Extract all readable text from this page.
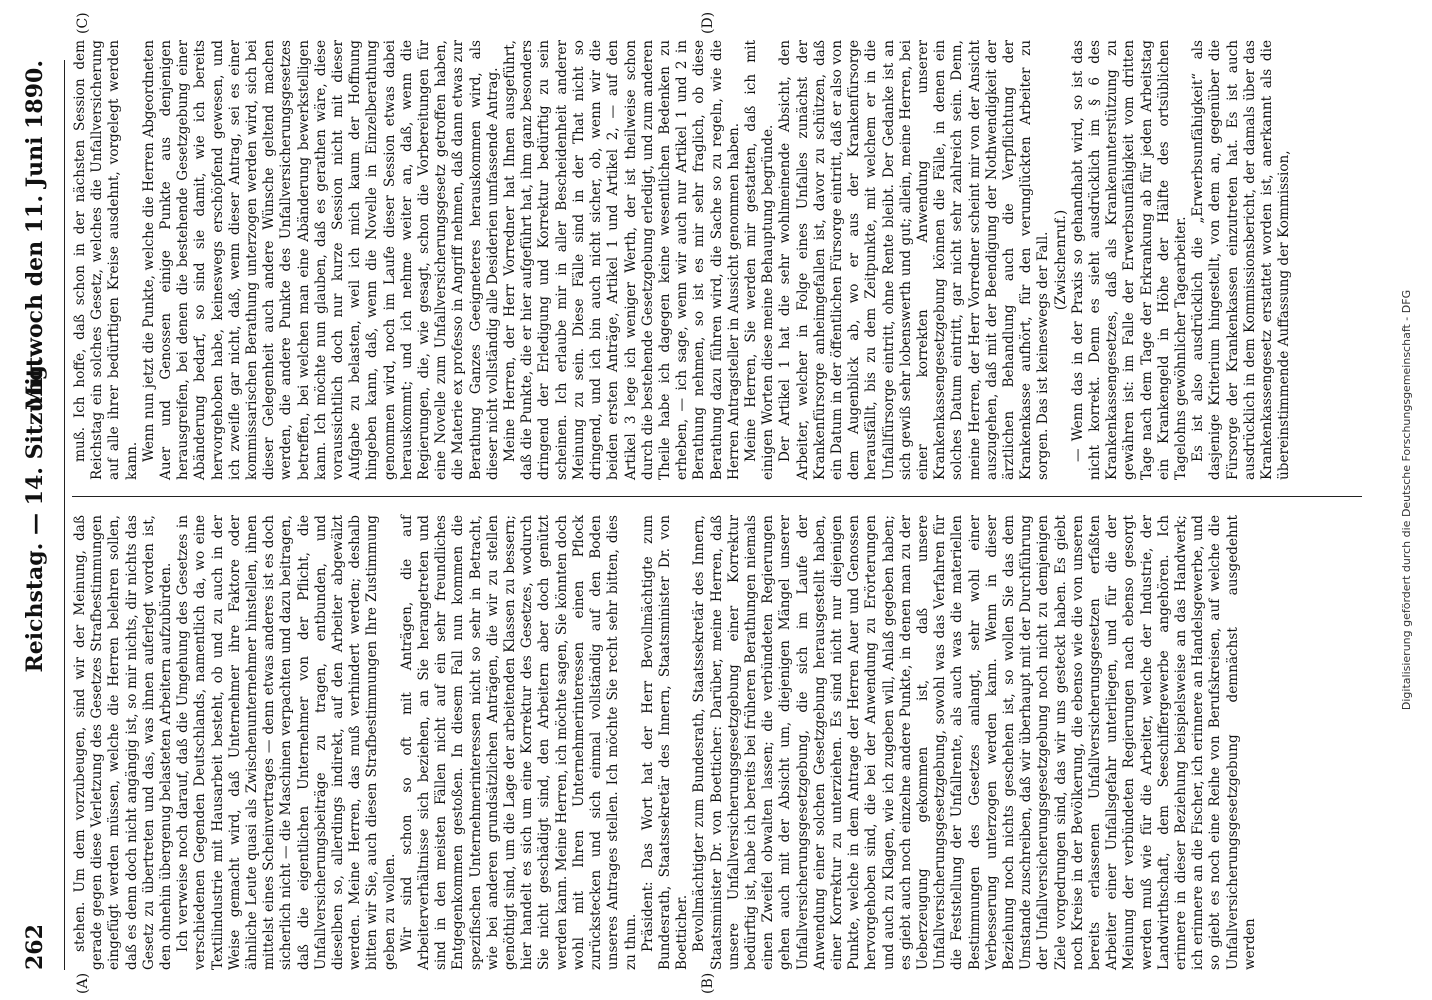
262
Reichstag. — 14. Sitzung.
Mittwoch den 11. Juni 1890.
(A)	(B)
(C)	(D)

stehen. Um dem vorzubeugen, sind wir der Meinung, daß gerade gegen diese Verletzung des Gesetzes Strafbestimmungen eingefügt werden müssen, welche die Herren belehren sollen, daß es denn doch nicht angängig ist, so mir nichts, dir nichts das Gesetz zu übertreten und das, was ihnen auferlegt worden ist, den ohnehin übergenug belasteten Arbeitern aufzubürden. Ich verweise noch darauf, daß die Umgehung des Gesetzes in verschiedenen Gegenden Deutschlands, namentlich da, wo eine Textilindustrie mit Hausarbeit besteht, ob und zu auch in der Weise gemacht wird, daß Unternehmer ihre Faktore oder ähnliche Leute quasi als Zwischenunternehmer hinstellen, ihnen mittelst eines Scheinvertrages — denn etwas anderes ist es doch sicherlich nicht — die Maschinen verpachten und dazu beitragen, daß die eigentlichen Unternehmer von der Pflicht, die Unfallversicherungsbeiträge zu tragen, entbunden, und dieselben so, allerdings indirekt, auf den Arbeiter abgewälzt werden. Meine Herren, das muß verhindert werden; deshalb bitten wir Sie, auch diesen Strafbestimmungen Ihre Zustimmung geben zu wollen. Wir sind schon so oft mit Anträgen, die auf Arbeiterverhältnisse sich beziehen, an Sie herangetreten und sind in den meisten Fällen nicht auf ein sehr freundliches Entgegenkommen gestoßen. In diesem Fall nun kommen die spezifischen Unternehmerinteressen nicht so sehr in Betracht, wie bei anderen grundsätzlichen Anträgen, die wir zu stellen genöthigt sind, um die Lage der arbeitenden Klassen zu bessern; hier handelt es sich um eine Korrektur des Gesetzes, wodurch Sie nicht geschädigt sind, den Arbeitern aber doch genützt werden kann. Meine Herren, ich möchte sagen, Sie könnten doch wohl mit Ihren Unternehmerinteressen einen Pflock zurückstecken und sich einmal vollständig auf den Boden unseres Antrages stellen. Ich möchte Sie recht sehr bitten, dies zu thun. Präsident: Das Wort hat der Herr Bevollmächtigte zum Bundesrath, Staatssekretär des Innern, Staatsminister Dr. von Boetticher. Bevollmächtigter zum Bundesrath, Staatssekretär des Innern, Staatsminister Dr. von Boetticher: Darüber, meine Herren, daß unsere Unfallversicherungsgesetzgebung einer Korrektur bedürftig ist, habe ich bereits bei früheren Berathungen niemals einen Zweifel obwalten lassen; die verbündeten Regierungen gehen auch mit der Absicht um, diejenigen Mängel unserer Unfallversicherungsgesetzgebung, die sich im Laufe der Anwendung einer solchen Gesetzgebung herausgestellt haben, einer Korrektur zu unterziehen. Es sind nicht nur diejenigen Punkte, welche in dem Antrage der Herren Auer und Genossen hervorgehoben sind, die bei der Anwendung zu Erörterungen und auch zu Klagen, wie ich zugeben will, Anlaß gegeben haben; es giebt auch noch einzelne andere Punkte, in denen man zu der Ueberzeugung gekommen ist, daß unsere Unfallversicherungsgesetzgebung, sowohl was das Verfahren für die Feststellung der Unfallrente, als auch was die materiellen Bestimmungen des Gesetzes anlangt, sehr wohl einer Verbesserung unterzogen werden kann. Wenn in dieser Beziehung noch nichts geschehen ist, so wollen Sie das dem Umstande zuschreiben, daß wir überhaupt mit der Durchführung der Unfallversicherungsgesetzgebung noch nicht zu demjenigen Ziele vorgedrungen sind, das wir uns gesteckt haben. Es giebt noch Kreise in der Bevölkerung, die ebenso wie die von unseren bereits erlassenen Unfallversicherungsgesetzen erfaßten Arbeiter einer Unfallsgefahr unterliegen, und für die der Meinung der verbündeten Regierungen nach ebenso gesorgt werden muß wie für die Arbeiter, welche der Industrie, der Landwirthschaft, dem Seeschiffergewerbe angehören. Ich erinnere in dieser Beziehung beispielsweise an das Handwerk; ich erinnere an die Fischer, ich erinnere an Handelsgewerbe, und so giebt es noch eine Reihe von Berufskreisen, auf welche die Unfallversicherungsgesetzgebung demnächst ausgedehnt werden

muß. Ich hoffe, daß schon in der nächsten Session dem Reichstag ein solches Gesetz, welches die Unfallversicherung auf alle ihrer bedürftigen Kreise ausdehnt, vorgelegt werden kann. Wenn nun jetzt die Punkte, welche die Herren Abgeordneten Auer und Genossen einige Punkte aus denjenigen herausgreifen, bei denen die bestehende Gesetzgebung einer Abänderung bedarf, so sind sie damit, wie ich bereits hervorgehoben habe, keineswegs erschöpfend gewesen, und ich zweifle gar nicht, daß, wenn dieser Antrag, sei es einer kommissarischen Berathung unterzogen werden wird, sich bei dieser Gelegenheit auch andere Wünsche geltend machen werden, die andere Punkte des Unfallversicherungsgesetzes betreffen, bei welchen man eine Abänderung bewerkstelligen kann. Ich möchte nun glauben, daß es gerathen wäre, diese voraussichtlich doch nur kurze Session nicht mit dieser Aufgabe zu belasten, weil ich mich kaum der Hoffnung hingeben kann, daß, wenn die Novelle in Einzelberathung genommen wird, noch im Laufe dieser Session etwas dabei herauskommt; und ich nehme weiter an, daß, wenn die Regierungen, die, wie gesagt, schon die Vorbereitungen für eine Novelle zum Unfallversicherungsgesetz getroffen haben, die Materie ex professo in Angriff nehmen, daß dann etwas zur Berathung Ganzes Geeigneteres herauskommen wird, als dieser nicht vollständig alle Desiderien umfassende Antrag. Meine Herren, der Herr Vorredner hat Ihnen ausgeführt, daß die Punkte, die er hier aufgeführt hat, ihm ganz besonders dringend der Erledigung und Korrektur bedürftig zu sein scheinen. Ich erlaube mir in aller Bescheidenheit anderer Meinung zu sein. Diese Fälle sind in der That nicht so dringend, und ich bin auch nicht sicher, ob, wenn wir die beiden ersten Anträge, Artikel 1 und Artikel 2, — auf den Artikel 3 lege ich weniger Werth, der ist theilweise schon durch die bestehende Gesetzgebung erledigt, und zum anderen Theile habe ich dagegen keine wesentlichen Bedenken zu erheben, — ich sage, wenn wir auch nur Artikel 1 und 2 in Berathung nehmen, so ist es mir sehr fraglich, ob diese Berathung dazu führen wird, die Sache so zu regeln, wie die Herren Antragsteller in Aussicht genommen haben. Meine Herren, Sie werden mir gestatten, daß ich mit einigen Worten diese meine Behauptung begründe. Der Artikel 1 hat die sehr wohlmeinende Absicht, den Arbeiter, welcher in Folge eines Unfalles zunächst der Krankenfürsorge anheimgefallen ist, davor zu schützen, daß ein Datum in der öffentlichen Fürsorge eintritt, daß er also von dem Augenblick ab, wo er aus der Krankenfürsorge herausfällt, bis zu dem Zeitpunkte, mit welchem er in die Unfallfürsorge eintritt, ohne Rente bleibt. Der Gedanke ist an sich gewiß sehr lobenswerth und gut; allein, meine Herren, bei einer korrekten Anwendung unserer Krankenkassengesetzgebung können die Fälle, in denen ein solches Datum eintritt, gar nicht sehr zahlreich sein. Denn, meine Herren, der Herr Vorredner scheint mir von der Ansicht auszugehen, daß mit der Beendigung der Nothwendigkeit der ärztlichen Behandlung auch die Verpflichtung der Krankenkasse aufhört, für den verunglückten Arbeiter zu sorgen. Das ist keineswegs der Fall. (Zwischenruf.) — Wenn das in der Praxis so gehandhabt wird, so ist das nicht korrekt. Denn es sieht ausdrücklich im § 6 des Krankenkassengesetzes, daß als Krankenunterstützung zu gewähren ist: im Falle der Erwerbsunfähigkeit vom dritten Tage nach dem Tage der Erkrankung ab für jeden Arbeitstag ein Krankengeld in Höhe der Hälfte des ortsüblichen Tagelohns gewöhnlicher Tagearbeiter. Es ist also ausdrücklich die „Erwerbsunfähigkeit“ als dasjenige Kriterium hingestellt, von dem an, gegenüber die Fürsorge der Krankenkassen einzutreten hat. Es ist auch ausdrücklich in dem Kommissionsbericht, der damals über das Krankenkassengesetz erstattet worden ist, anerkannt als die übereinstimmende Auffassung der Kommission,	Digitalisierung gefördert durch die Deutsche Forschungsgemeinschaft - DFG
